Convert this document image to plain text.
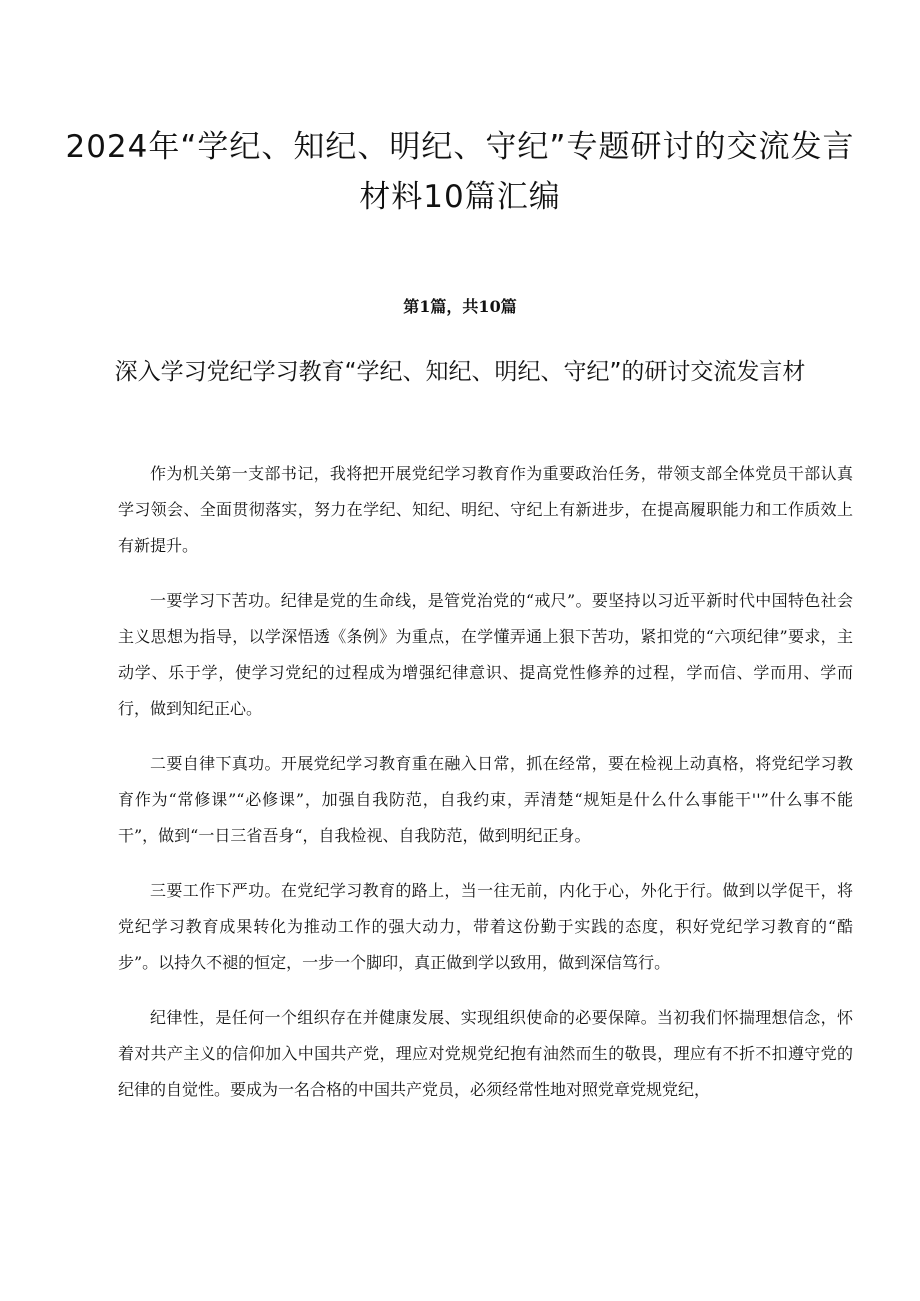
2024年“学纪、知纪、明纪、守纪”专题研讨的交流发言材料10篇汇编
第1篇，共10篇
深入学习党纪学习教育“学纪、知纪、明纪、守纪”的研讨交流发言材

作为机关第一支部书记，我将把开展党纪学习教育作为重要政治任务，带领支部全体党员干部认真学习领会、全面贯彻落实，努力在学纪、知纪、明纪、守纪上有新进步，在提高履职能力和工作质效上有新提升。

一要学习下苦功。纪律是党的生命线，是管党治党的“戒尺”。要坚持以习近平新时代中国特色社会主义思想为指导，以学深悟透《条例》为重点，在学懂弄通上狠下苦功，紧扣党的“六项纪律”要求，主动学、乐于学，使学习党纪的过程成为增强纪律意识、提高党性修养的过程，学而信、学而用、学而行，做到知纪正心。

二要自律下真功。开展党纪学习教育重在融入日常，抓在经常，要在检视上动真格，将党纪学习教育作为“常修课”“必修课”，加强自我防范，自我约束，弄清楚“规矩是什么什么事能干''”什么事不能干”，做到“一日三省吾身“，自我检视、自我防范，做到明纪正身。

三要工作下严功。在党纪学习教育的路上，当一往无前，内化于心，外化于行。做到以学促干，将党纪学习教育成果转化为推动工作的强大动力，带着这份勤于实践的态度，积好党纪学习教育的“酷步”。以持久不褪的恒定，一步一个脚印，真正做到学以致用，做到深信笃行。

纪律性，是任何一个组织存在并健康发展、实现组织使命的必要保障。当初我们怀揣理想信念，怀着对共产主义的信仰加入中国共产党，理应对党规党纪抱有油然而生的敬畏，理应有不折不扣遵守党的纪律的自觉性。要成为一名合格的中国共产党员，必须经常性地对照党章党规党纪，
